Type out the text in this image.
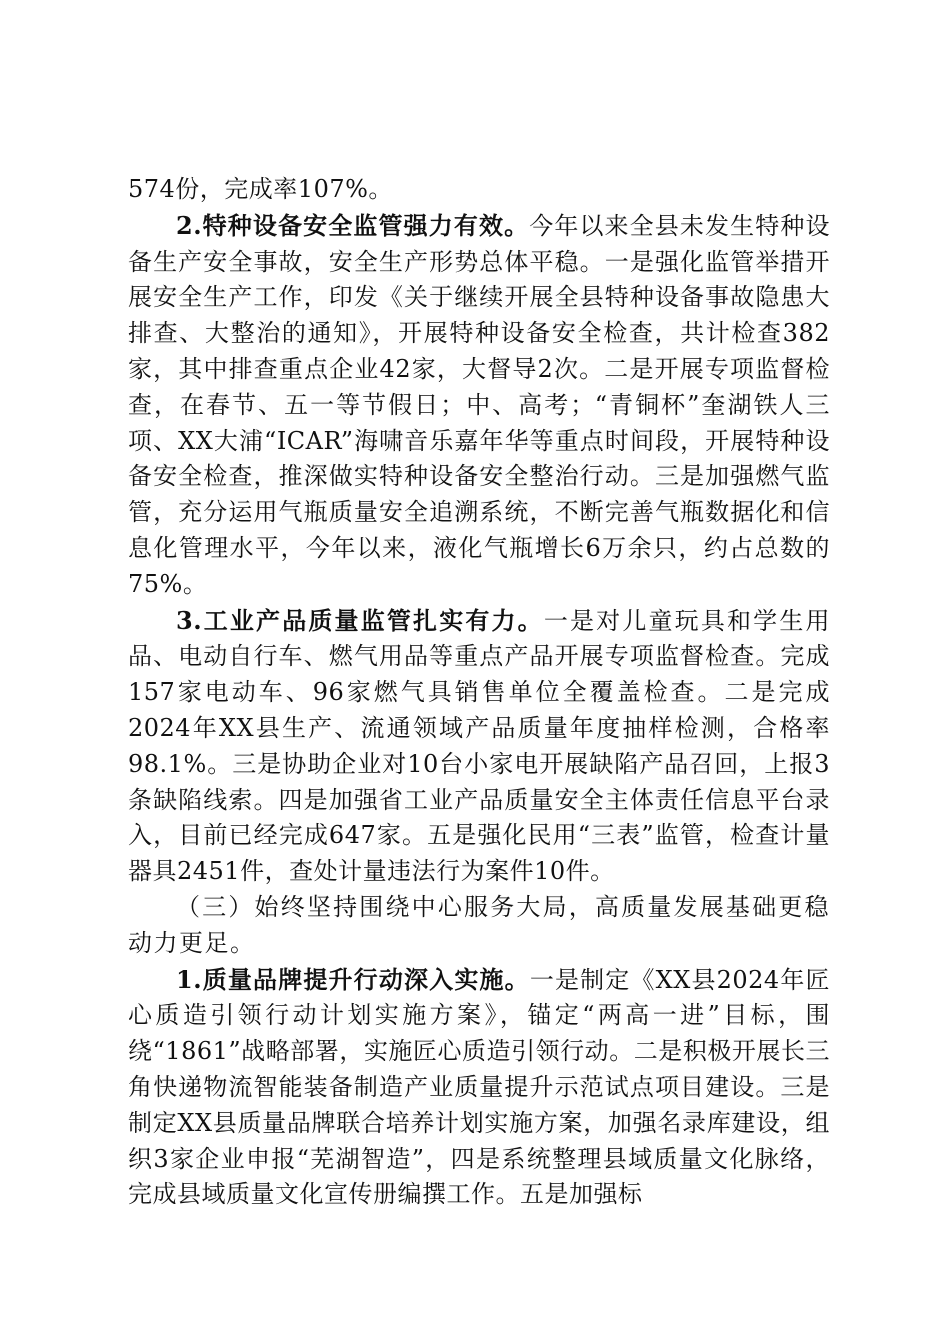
574份，完成率107%。

2.特种设备安全监管强力有效。今年以来全县未发生特种设备生产安全事故，安全生产形势总体平稳。一是强化监管举措开展安全生产工作，印发《关于继续开展全县特种设备事故隐患大排查、大整治的通知》，开展特种设备安全检查，共计检查382家，其中排查重点企业42家，大督导2次。二是开展专项监督检查，在春节、五一等节假日；中、高考；“青铜杯”奎湖铁人三项、XX大浦“ICAR”海啸音乐嘉年华等重点时间段，开展特种设备安全检查，推深做实特种设备安全整治行动。三是加强燃气监管，充分运用气瓶质量安全追溯系统，不断完善气瓶数据化和信息化管理水平，今年以来，液化气瓶增长6万余只，约占总数的75%。

3.工业产品质量监管扎实有力。一是对儿童玩具和学生用品、电动自行车、燃气用品等重点产品开展专项监督检查。完成157家电动车、96家燃气具销售单位全覆盖检查。二是完成2024年XX县生产、流通领域产品质量年度抽样检测，合格率98.1%。三是协助企业对10台小家电开展缺陷产品召回，上报3条缺陷线索。四是加强省工业产品质量安全主体责任信息平台录入，目前已经完成647家。五是强化民用“三表”监管，检查计量器具2451件，查处计量违法行为案件10件。

（三）始终坚持围绕中心服务大局，高质量发展基础更稳动力更足。

1.质量品牌提升行动深入实施。一是制定《XX县2024年匠心质造引领行动计划实施方案》，锚定“两高一进”目标，围绕“1861”战略部署，实施匠心质造引领行动。二是积极开展长三角快递物流智能装备制造产业质量提升示范试点项目建设。三是制定XX县质量品牌联合培养计划实施方案，加强名录库建设，组织3家企业申报“芜湖智造”，四是系统整理县域质量文化脉络，完成县域质量文化宣传册编撰工作。五是加强标
